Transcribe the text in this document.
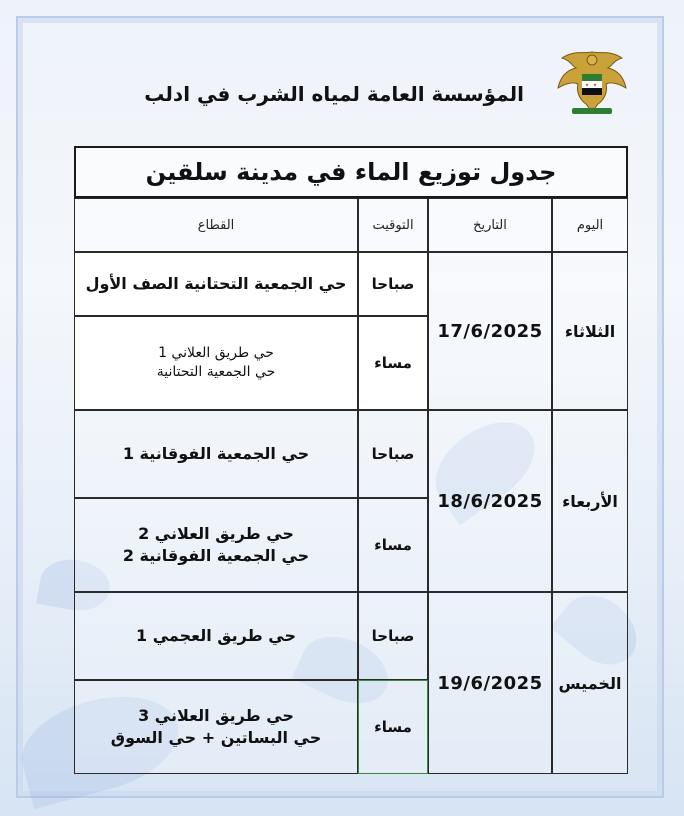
المؤسسة العامة لمياه الشرب في ادلب
جدول توزيع الماء في مدينة سلقين
اليوم
التاريخ
التوقيت
القطاع
الثلاثاء
17/6/2025
صباحا
حي الجمعية التحتانية الصف الأول
مساء
حي طريق العلاني 1
حي الجمعية التحتانية
الأربعاء
18/6/2025
صباحا
حي الجمعية الفوقانية 1
مساء
حي طريق العلاني 2
حي الجمعية الفوقانية 2
الخميس
19/6/2025
صباحا
حي طريق العجمي 1
مساء
حي طريق العلاني 3
حي البساتين + حي السوق
